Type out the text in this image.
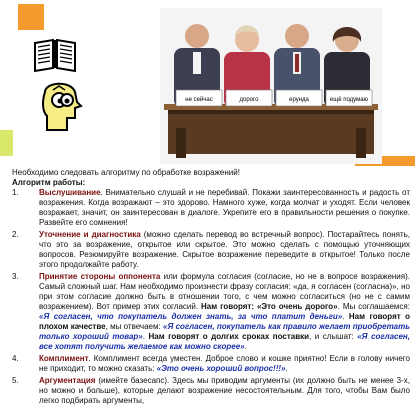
не сейчас	дорого	ерунда	ещё подумаю

Необходимо следовать алгоритму по обработке возражений!

Алгоритм работы:

1.	Выслушивание. Внимательно слушай и не перебивай. Покажи заинтересованность и радость от возражения. Когда возражают – это здорово. Намного хуже, когда молчат и уходят. Если человек возражает, значит, он заинтересован в диалоге. Укрепите его в правильности решения о покупке. Развейте его сомнения!
2.	Уточнение и диагностика (можно сделать перевод во встречный вопрос). Постарайтесь понять, что это за возражение, открытое или скрытое. Это можно сделать с помощью уточняющих вопросов. Резюмируйте возражение. Скрытое возражение переведите в открытое! Только после этого продолжайте работу.
3.	Принятие стороны оппонента или формула согласия (согласие, но не в вопросе возражения). Самый сложный шаг. Нам необходимо произнести фразу согласия: «да, я согласен (согласна)», но при этом согласие должно быть в отношении того, с чем можно согласиться (но не с самим возражением). Вот пример этих согласий. Нам говорят: «Это очень дорого». Мы соглашаемся: «Я согласен, что покупатель должен знать, за что платит деньги». Нам говорят о плохом качестве, мы отвечаем: «Я согласен, покупатель как правило желает приобретать только хороший товар». Нам говорят о долгих сроках поставки, и слышат: «Я согласен, все хотят получить желаемое как можно скорее».
4.	Комплимент. Комплимент всегда уместен. Доброе слово и кошке приятно! Если в голову ничего не приходит, то можно сказать: «Это очень хороший вопрос!!!».
5.	Аргументация (имейте базесапс). Здесь мы приводим аргументы (их должно быть не менее 3-х, но можно и больше), которые делают возражение несостоятельным. Для того, чтобы Вам было легко подбирать аргументы,
